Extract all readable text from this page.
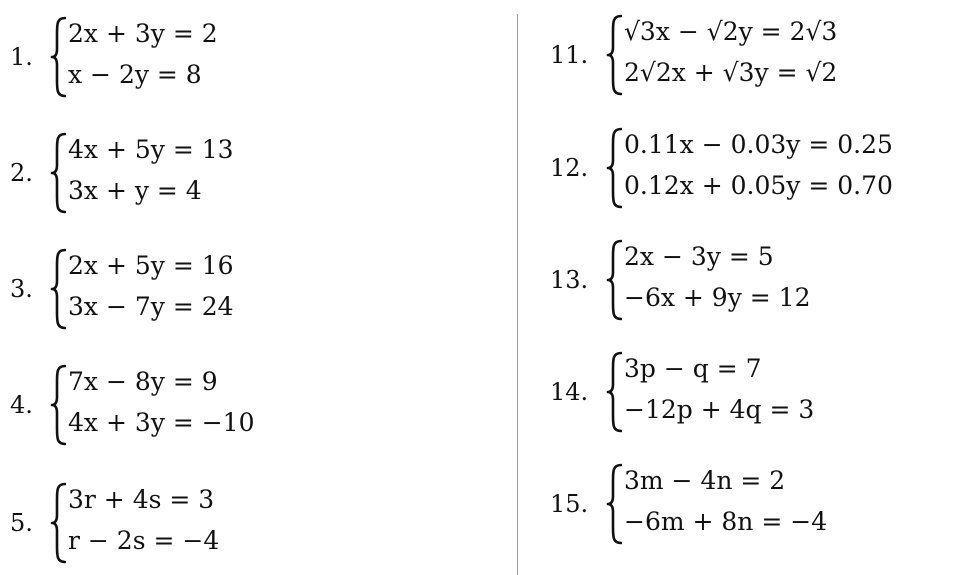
1.
2x + 3y = 2
x − 2y = 8
2.
4x + 5y = 13
3x + y = 4
3.
2x + 5y = 16
3x − 7y = 24
4.
7x − 8y = 9
4x + 3y = −10
5.
3r + 4s = 3
r − 2s = −4
11.
√3x − √2y = 2√3
2√2x + √3y = √2
12.
0.11x − 0.03y = 0.25
0.12x + 0.05y = 0.70
13.
2x − 3y = 5
−6x + 9y = 12
14.
3p − q = 7
−12p + 4q = 3
15.
3m − 4n = 2
−6m + 8n = −4
